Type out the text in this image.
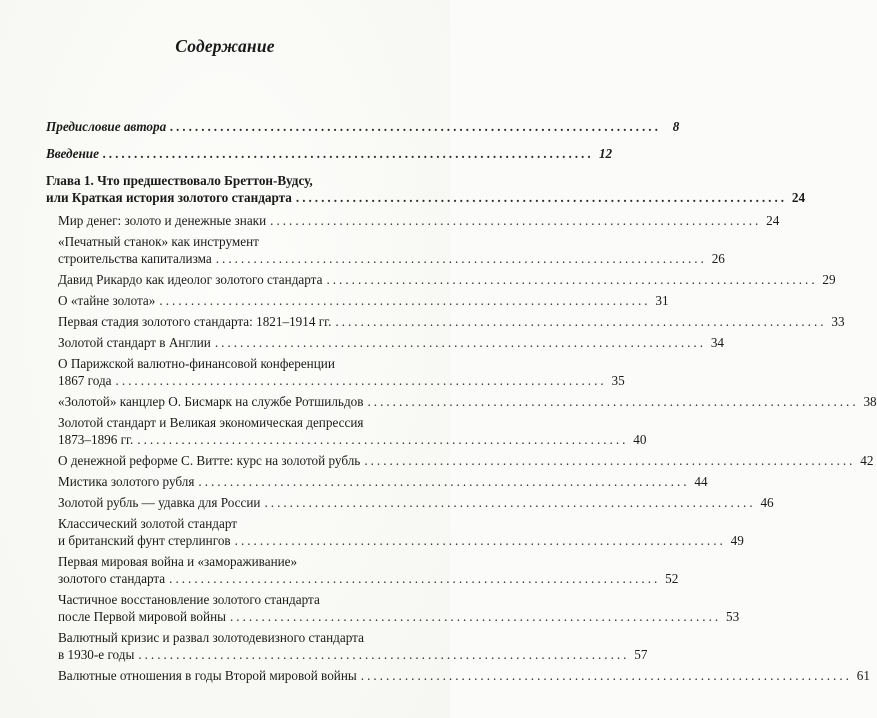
Содержание
Предисловие автора .............................................................................. 8
Введение .............................................................................. 12
Глава 1. Что предшествовало Бреттон-Вудсу,
или Краткая история золотого стандарта .............................................................................. 24
Мир денег: золото и денежные знаки .............................................................................. 24
«Печатный станок» как инструмент
строительства капитализма .............................................................................. 26
Давид Рикардо как идеолог золотого стандарта .............................................................................. 29
О «тайне золота» .............................................................................. 31
Первая стадия золотого стандарта: 1821–1914 гг. .............................................................................. 33
Золотой стандарт в Англии .............................................................................. 34
О Парижской валютно-финансовой конференции
1867 года .............................................................................. 35
«Золотой» канцлер О. Бисмарк на службе Ротшильдов .............................................................................. 38
Золотой стандарт и Великая экономическая депрессия
1873–1896 гг. .............................................................................. 40
О денежной реформе С. Витте: курс на золотой рубль .............................................................................. 42
Мистика золотого рубля .............................................................................. 44
Золотой рубль — удавка для России .............................................................................. 46
Классический золотой стандарт
и британский фунт стерлингов .............................................................................. 49
Первая мировая война и «замораживание»
золотого стандарта .............................................................................. 52
Частичное восстановление золотого стандарта
после Первой мировой войны .............................................................................. 53
Валютный кризис и развал золотодевизного стандарта
в 1930-е годы .............................................................................. 57
Валютные отношения в годы Второй мировой войны .............................................................................. 61
